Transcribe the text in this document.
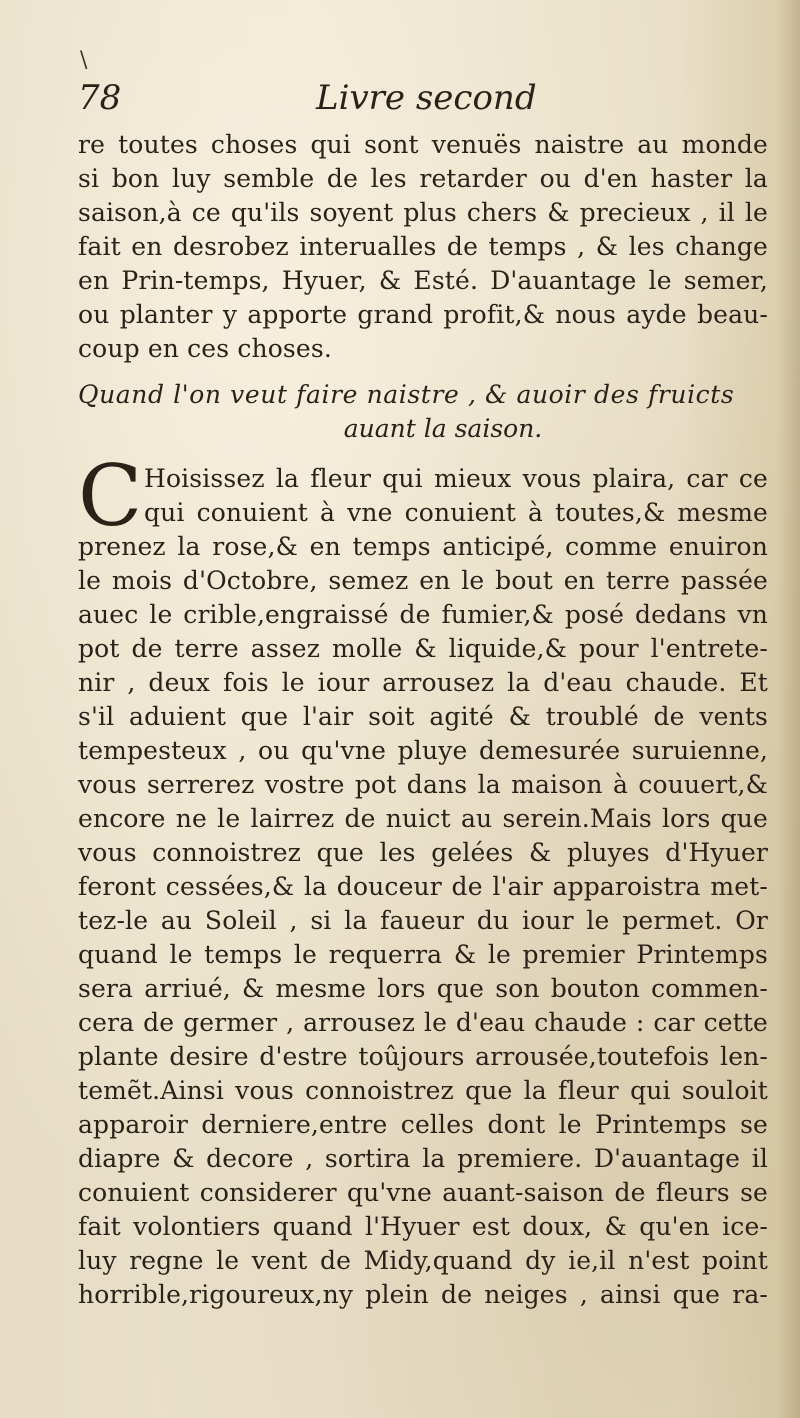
\
78	Livre second
re toutes choses qui sont venuës naistre au monde
si bon luy semble de les retarder ou d'en haster la
saison,à ce qu'ils soyent plus chers & precieux , il le
fait en desrobez interualles de temps , & les change
en Prin-temps, Hyuer, & Esté. D'auantage le semer,
ou planter y apporte grand profit,& nous ayde beau-
coup en ces choses.
Quand l'on veut faire naistre , & auoir des fruicts
auant la saison.
C Hoisissez la fleur qui mieux vous plaira, car ce
qui conuient à vne conuient à toutes,& mesme
prenez la rose,& en temps anticipé, comme enuiron
le mois d'Octobre, semez en le bout en terre passée
auec le crible,engraissé de fumier,& posé dedans vn
pot de terre assez molle & liquide,& pour l'entrete-
nir , deux fois le iour arrousez la d'eau chaude. Et
s'il aduient que l'air soit agité & troublé de vents
tempesteux , ou qu'vne pluye demesurée suruienne,
vous serrerez vostre pot dans la maison à couuert,&
encore ne le lairrez de nuict au serein.Mais lors que
vous connoistrez que les gelées & pluyes d'Hyuer
feront cessées,& la douceur de l'air apparoistra met-
tez-le au Soleil , si la faueur du iour le permet. Or
quand le temps le requerra & le premier Printemps
sera arriué, & mesme lors que son bouton commen-
cera de germer , arrousez le d'eau chaude : car cette
plante desire d'estre toûjours arrousée,toutefois len-
temẽt.Ainsi vous connoistrez que la fleur qui souloit
apparoir derniere,entre celles dont le Printemps se
diapre & decore , sortira la premiere. D'auantage il
conuient considerer qu'vne auant-saison de fleurs se
fait volontiers quand l'Hyuer est doux, & qu'en ice-
luy regne le vent de Midy,quand dy ie,il n'est point
horrible,rigoureux,ny plein de neiges , ainsi que ra-
